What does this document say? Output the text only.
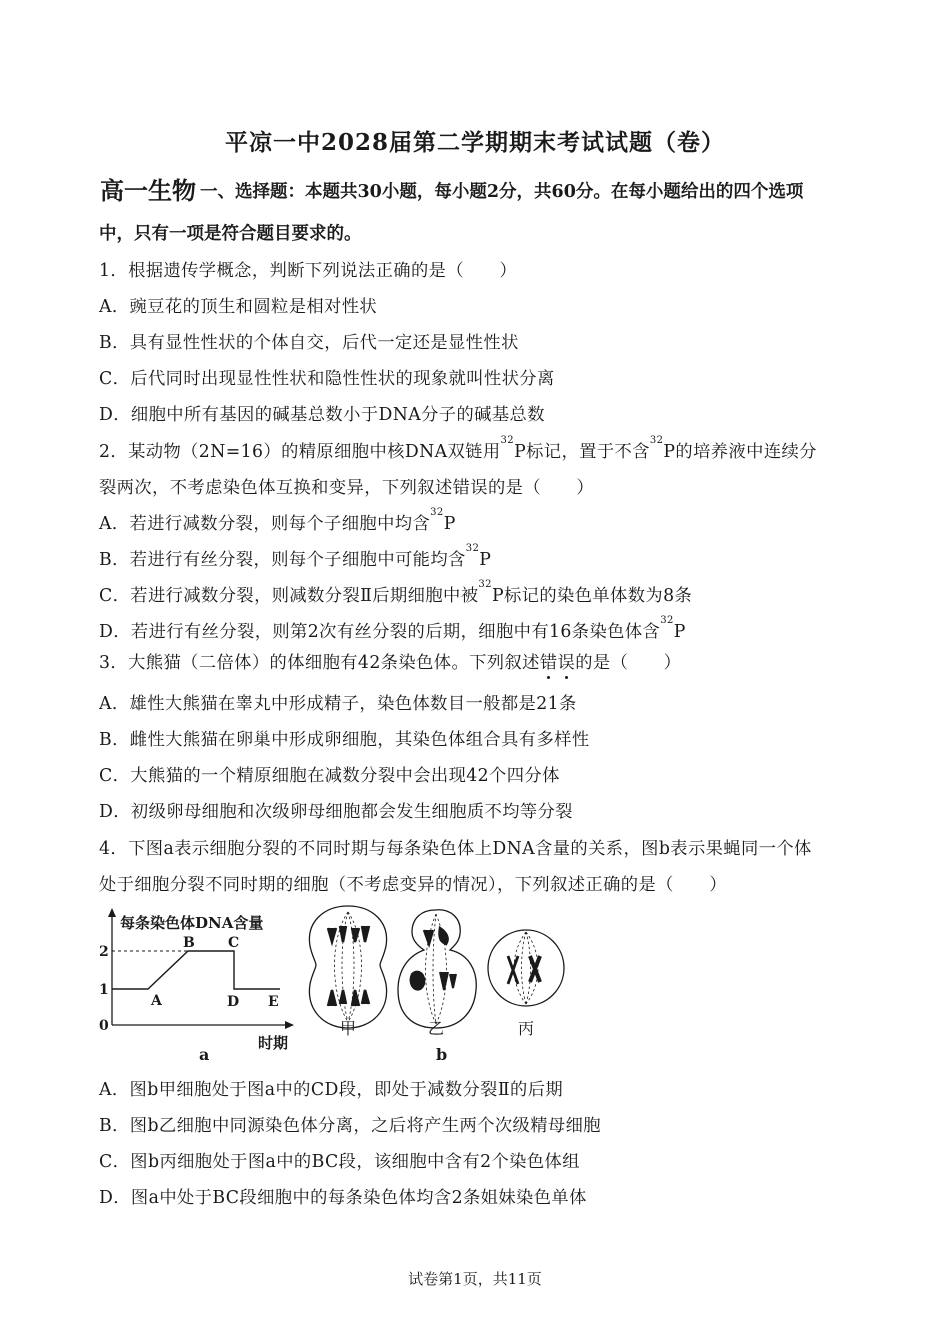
平凉一中2028届第二学期期末考试试题（卷）
高一生物 一、选择题：本题共30小题，每小题2分，共60分。在每小题给出的四个选项
中，只有一项是符合题目要求的。
1．根据遗传学概念，判断下列说法正确的是（　　）
A．豌豆花的顶生和圆粒是相对性状
B．具有显性性状的个体自交，后代一定还是显性性状
C．后代同时出现显性性状和隐性性状的现象就叫性状分离
D．细胞中所有基因的碱基总数小于DNA分子的碱基总数
2．某动物（2N=16）的精原细胞中核DNA双链用$^{32}$P标记，置于不含$^{32}$P的培养液中连续分
裂两次，不考虑染色体互换和变异，下列叙述错误的是（　　）
A．若进行减数分裂，则每个子细胞中均含$^{32}$P
B．若进行有丝分裂，则每个子细胞中可能均含$^{32}$P
C．若进行减数分裂，则减数分裂Ⅱ后期细胞中被$^{32}$P标记的染色单体数为8条
D．若进行有丝分裂，则第2次有丝分裂的后期，细胞中有16条染色体含$^{32}$P
3．大熊猫（二倍体）的体细胞有42条染色体。下列叙述错误的是（　　）
A．雄性大熊猫在睾丸中形成精子，染色体数目一般都是21条
B．雌性大熊猫在卵巢中形成卵细胞，其染色体组合具有多样性
C．大熊猫的一个精原细胞在减数分裂中会出现42个四分体
D．初级卵母细胞和次级卵母细胞都会发生细胞质不均等分裂
4．下图a表示细胞分裂的不同时期与每条染色体上DNA含量的关系，图b表示果蝇同一个体
处于细胞分裂不同时期的细胞（不考虑变异的情况），下列叙述正确的是（　　）
每条染色体DNA含量
0
1
2
A
B C
D E
时期
a
甲	乙	丙
b
A．图b甲细胞处于图a中的CD段，即处于减数分裂Ⅱ的后期
B．图b乙细胞中同源染色体分离，之后将产生两个次级精母细胞
C．图b丙细胞处于图a中的BC段，该细胞中含有2个染色体组
D．图a中处于BC段细胞中的每条染色体均含2条姐妹染色单体
试卷第1页，共11页
